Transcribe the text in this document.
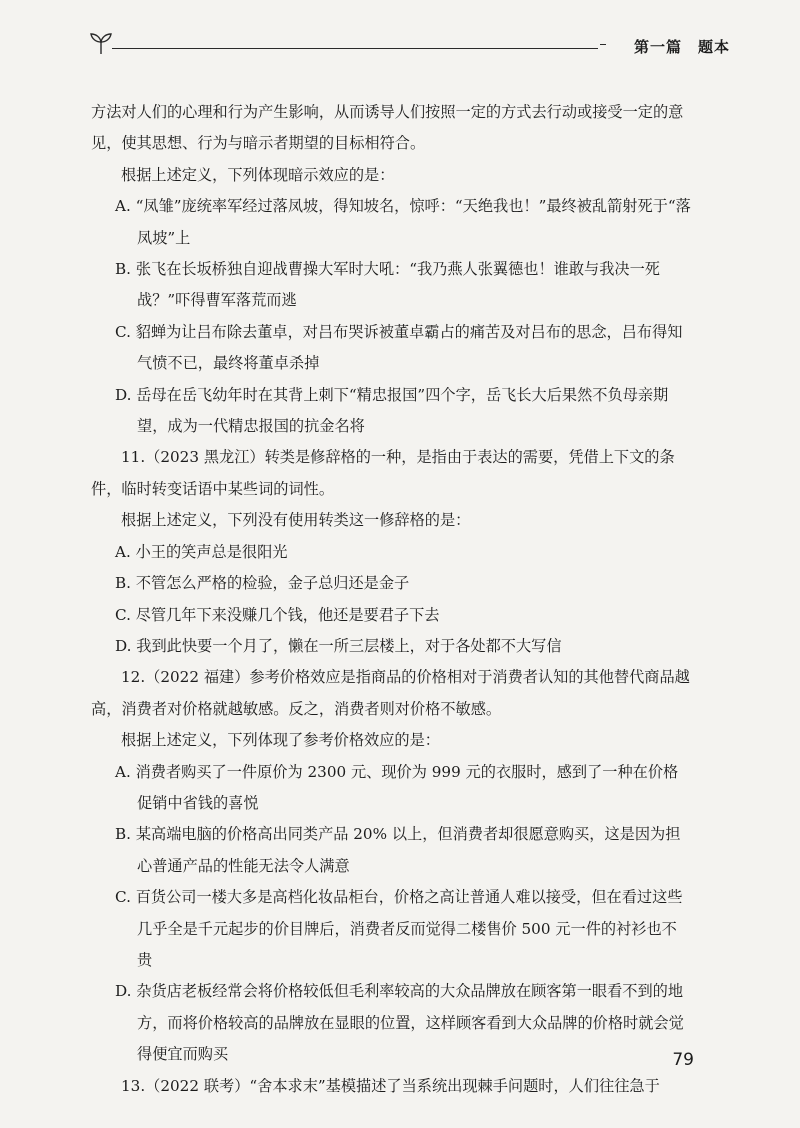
第一篇　题本

方法对人们的心理和行为产生影响，从而诱导人们按照一定的方式去行动或接受一定的意见，使其思想、行为与暗示者期望的目标相符合。

根据上述定义，下列体现暗示效应的是：

A. “凤雏”庞统率军经过落凤坡，得知坡名，惊呼：“天绝我也！”最终被乱箭射死于“落凤坡”上

B. 张飞在长坂桥独自迎战曹操大军时大吼：“我乃燕人张翼德也！谁敢与我决一死战？”吓得曹军落荒而逃

C. 貂蝉为让吕布除去董卓，对吕布哭诉被董卓霸占的痛苦及对吕布的思念，吕布得知气愤不已，最终将董卓杀掉

D. 岳母在岳飞幼年时在其背上刺下“精忠报国”四个字，岳飞长大后果然不负母亲期望，成为一代精忠报国的抗金名将

11.（2023 黑龙江）转类是修辞格的一种，是指由于表达的需要，凭借上下文的条件，临时转变话语中某些词的词性。

根据上述定义，下列没有使用转类这一修辞格的是：

A. 小王的笑声总是很阳光

B. 不管怎么严格的检验，金子总归还是金子

C. 尽管几年下来没赚几个钱，他还是要君子下去

D. 我到此快要一个月了，懒在一所三层楼上，对于各处都不大写信

12.（2022 福建）参考价格效应是指商品的价格相对于消费者认知的其他替代商品越高，消费者对价格就越敏感。反之，消费者则对价格不敏感。

根据上述定义，下列体现了参考价格效应的是：

A. 消费者购买了一件原价为 2300 元、现价为 999 元的衣服时，感到了一种在价格促销中省钱的喜悦

B. 某高端电脑的价格高出同类产品 20% 以上，但消费者却很愿意购买，这是因为担心普通产品的性能无法令人满意

C. 百货公司一楼大多是高档化妆品柜台，价格之高让普通人难以接受，但在看过这些几乎全是千元起步的价目牌后，消费者反而觉得二楼售价 500 元一件的衬衫也不贵

D. 杂货店老板经常会将价格较低但毛利率较高的大众品牌放在顾客第一眼看不到的地方，而将价格较高的品牌放在显眼的位置，这样顾客看到大众品牌的价格时就会觉得便宜而购买

13.（2022 联考）“舍本求末”基模描述了当系统出现棘手问题时，人们往往急于

79
